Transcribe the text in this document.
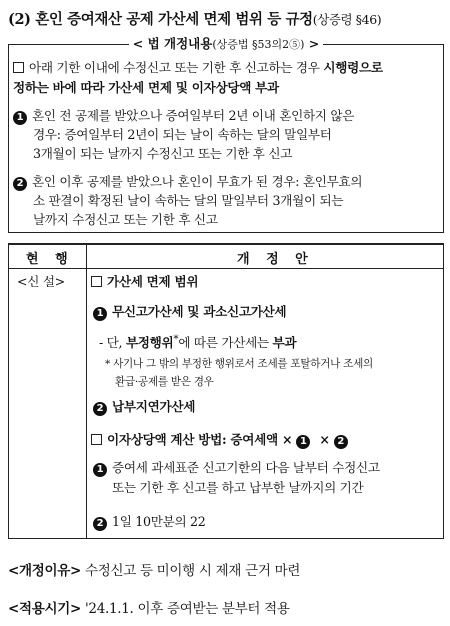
(2) 혼인 증여재산 공제 가산세 면제 범위 등 규정(상증령 §46)
< 법 개정내용(상증법 §53의2⑤) >
아래 기한 이내에 수정신고 또는 기한 후 신고하는 경우 시행령으로
정하는 바에 따라 가산세 면제 및 이자상당액 부과
1 혼인 전 공제를 받았으나 증여일부터 2년 이내 혼인하지 않은
경우: 증여일부터 2년이 되는 날이 속하는 달의 말일부터
3개월이 되는 날까지 수정신고 또는 기한 후 신고
2 혼인 이후 공제를 받았으나 혼인이 무효가 된 경우: 혼인무효의
소 판결이 확정된 날이 속하는 달의 말일부터 3개월이 되는
날까지 수정신고 또는 기한 후 신고
현 행	개 정 안
<신 설>	가산세 면제 범위
1 무신고가산세 및 과소신고가산세
- 단, 부정행위*에 따른 가산세는 부과
* 사기나 그 밖의 부정한 행위로서 조세를 포탈하거나 조세의
환급·공제를 받은 경우
2 납부지연가산세
이자상당액 계산 방법: 증여세액 × 1 × 2
1 증여세 과세표준 신고기한의 다음 날부터 수정신고
또는 기한 후 신고를 하고 납부한 날까지의 기간
2 1일 10만분의 22
<개정이유> 수정신고 등 미이행 시 제재 근거 마련
<적용시기> '24.1.1. 이후 증여받는 분부터 적용
